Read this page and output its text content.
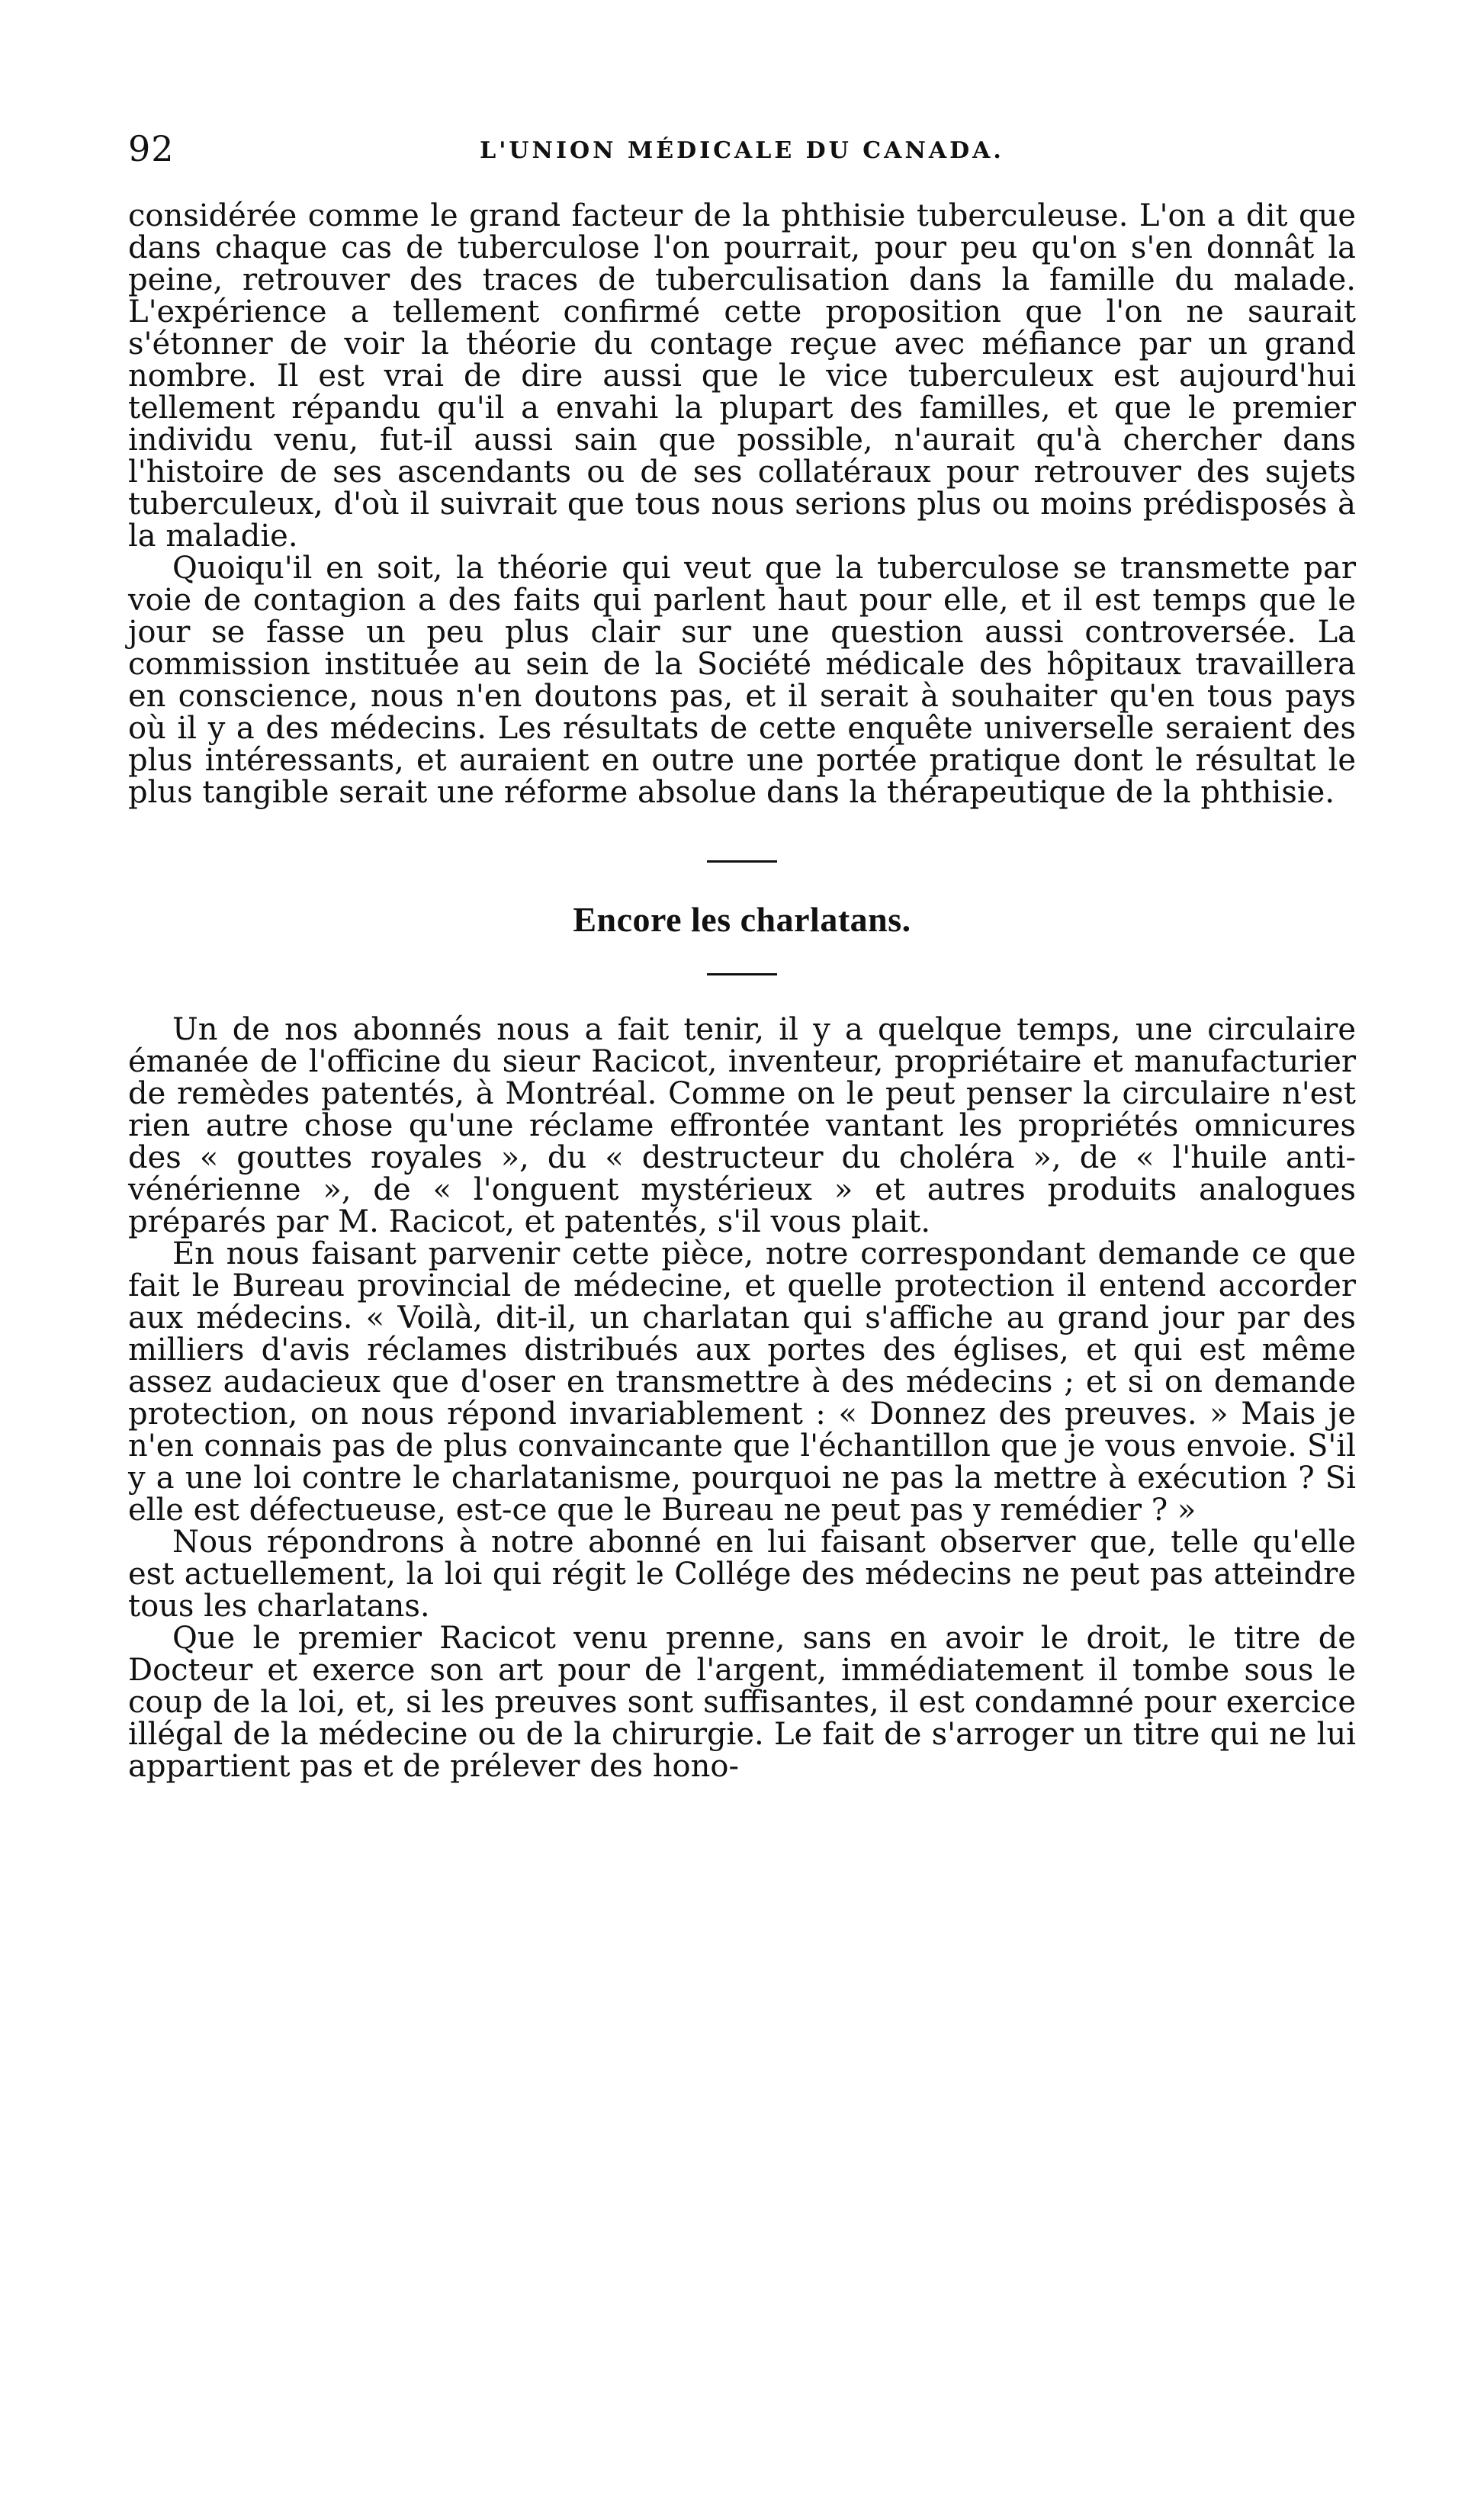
92	L'UNION MÉDICALE DU CANADA.

considérée comme le grand facteur de la phthisie tuberculeuse. L'on a dit que dans chaque cas de tuberculose l'on pourrait, pour peu qu'on s'en donnât la peine, retrouver des traces de tuberculisation dans la famille du malade. L'expérience a tellement confirmé cette proposition que l'on ne saurait s'étonner de voir la théorie du contage reçue avec méfiance par un grand nombre. Il est vrai de dire aussi que le vice tuberculeux est aujourd'hui tellement répandu qu'il a envahi la plupart des familles, et que le premier individu venu, fut-il aussi sain que possible, n'aurait qu'à chercher dans l'histoire de ses ascendants ou de ses collatéraux pour retrouver des sujets tuberculeux, d'où il suivrait que tous nous serions plus ou moins prédisposés à la maladie.

Quoiqu'il en soit, la théorie qui veut que la tuberculose se transmette par voie de contagion a des faits qui parlent haut pour elle, et il est temps que le jour se fasse un peu plus clair sur une question aussi controversée. La commission instituée au sein de la Société médicale des hôpitaux travaillera en conscience, nous n'en doutons pas, et il serait à souhaiter qu'en tous pays où il y a des médecins. Les résultats de cette enquête universelle seraient des plus intéressants, et auraient en outre une portée pratique dont le résultat le plus tangible serait une réforme absolue dans la thérapeutique de la phthisie.

Encore les charlatans.

Un de nos abonnés nous a fait tenir, il y a quelque temps, une circulaire émanée de l'officine du sieur Racicot, inventeur, propriétaire et manufacturier de remèdes patentés, à Montréal. Comme on le peut penser la circulaire n'est rien autre chose qu'une réclame effrontée vantant les propriétés omnicures des « gouttes royales », du « destructeur du choléra », de « l'huile anti-vénérienne », de « l'onguent mystérieux » et autres produits analogues préparés par M. Racicot, et patentés, s'il vous plait.

En nous faisant parvenir cette pièce, notre correspondant demande ce que fait le Bureau provincial de médecine, et quelle protection il entend accorder aux médecins. « Voilà, dit-il, un charlatan qui s'affiche au grand jour par des milliers d'avis réclames distribués aux portes des églises, et qui est même assez audacieux que d'oser en transmettre à des médecins ; et si on demande protection, on nous répond invariablement : « Donnez des preuves. » Mais je n'en connais pas de plus convaincante que l'échantillon que je vous envoie. S'il y a une loi contre le charlatanisme, pourquoi ne pas la mettre à exécution ? Si elle est défectueuse, est-ce que le Bureau ne peut pas y remédier ? »

Nous répondrons à notre abonné en lui faisant observer que, telle qu'elle est actuellement, la loi qui régit le Collége des médecins ne peut pas atteindre tous les charlatans.

Que le premier Racicot venu prenne, sans en avoir le droit, le titre de Docteur et exerce son art pour de l'argent, immédiatement il tombe sous le coup de la loi, et, si les preuves sont suffisantes, il est condamné pour exercice illégal de la médecine ou de la chirurgie. Le fait de s'arroger un titre qui ne lui appartient pas et de prélever des hono-
